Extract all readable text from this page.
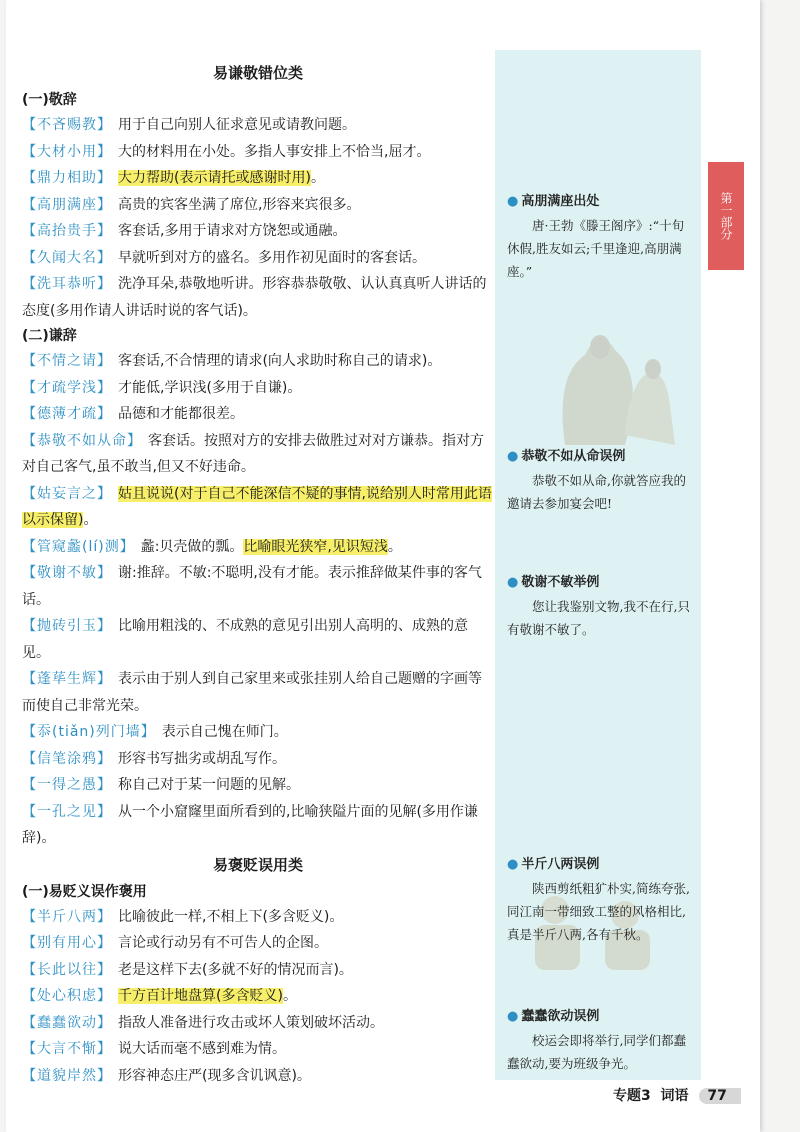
第一部分
易谦敬错位类
(一)敬辞
【不吝赐教】 用于自己向别人征求意见或请教问题。
【大材小用】 大的材料用在小处。多指人事安排上不恰当,屈才。
【鼎力相助】 大力帮助(表示请托或感谢时用)。
【高朋满座】 高贵的宾客坐满了席位,形容来宾很多。
【高抬贵手】 客套话,多用于请求对方饶恕或通融。
【久闻大名】 早就听到对方的盛名。多用作初见面时的客套话。
【洗耳恭听】 洗净耳朵,恭敬地听讲。形容恭恭敬敬、认认真真听人讲话的态度(多用作请人讲话时说的客气话)。
(二)谦辞
【不情之请】 客套话,不合情理的请求(向人求助时称自己的请求)。
【才疏学浅】 才能低,学识浅(多用于自谦)。
【德薄才疏】 品德和才能都很差。
【恭敬不如从命】 客套话。按照对方的安排去做胜过对对方谦恭。指对方对自己客气,虽不敢当,但又不好违命。
【姑妄言之】 姑且说说(对于自己不能深信不疑的事情,说给别人时常用此语以示保留)。
【管窥蠡(lí)测】 蠡:贝壳做的瓢。比喻眼光狭窄,见识短浅。
【敬谢不敏】 谢:推辞。不敏:不聪明,没有才能。表示推辞做某件事的客气话。
【抛砖引玉】 比喻用粗浅的、不成熟的意见引出别人高明的、成熟的意见。
【蓬荜生辉】 表示由于别人到自己家里来或张挂别人给自己题赠的字画等而使自己非常光荣。
【忝(tiǎn)列门墙】 表示自己愧在师门。
【信笔涂鸦】 形容书写拙劣或胡乱写作。
【一得之愚】 称自己对于某一问题的见解。
【一孔之见】 从一个小窟窿里面所看到的,比喻狭隘片面的见解(多用作谦辞)。
易褒贬误用类
(一)易贬义误作褒用
【半斤八两】 比喻彼此一样,不相上下(多含贬义)。
【别有用心】 言论或行动另有不可告人的企图。
【长此以往】 老是这样下去(多就不好的情况而言)。
【处心积虑】 千方百计地盘算(多含贬义)。
【蠢蠢欲动】 指敌人准备进行攻击或坏人策划破坏活动。
【大言不惭】 说大话而毫不感到难为情。
【道貌岸然】 形容神态庄严(现多含讥讽意)。
● 高朋满座出处
唐·王勃《滕王阁序》:“十旬休假,胜友如云;千里逢迎,高朋满座。”
● 恭敬不如从命误例
恭敬不如从命,你就答应我的邀请去参加宴会吧!
● 敬谢不敏举例
您让我鉴别文物,我不在行,只有敬谢不敏了。
● 半斤八两误例
陕西剪纸粗犷朴实,简练夸张,同江南一带细致工整的风格相比,真是半斤八两,各有千秋。
● 蠢蠢欲动误例
校运会即将举行,同学们都蠢蠢欲动,要为班级争光。
专题3 词语 77
